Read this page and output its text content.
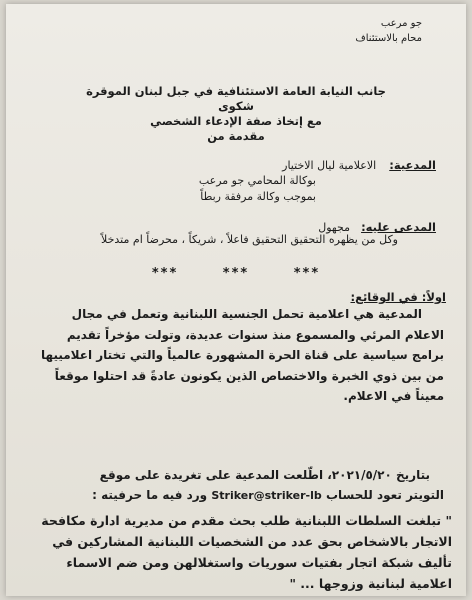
جو مرعب
محام بالاستئناف
جانب النيابة العامة الاستئنافية في جبل لبنان الموقرة
شكوى
مع إتخاذ صفة الإدعاء الشخصي
مقدمة من
المدعية: الاعلامية ليال الاختيار
بوكالة المحامي جو مرعب
بموجب وكالة مرفقة ربطاً
المدعى عليه: مجهول
وكل من يظهره التحقيق التحقيق فاعلاً ، شريكاً ، محرضاً ام متدخلاً
*** *** ***
اولاً: في الوقائع:
المدعية هي اعلامية تحمل الجنسية اللبنانية وتعمل في مجال
الاعلام المرئي والمسموع منذ سنوات عديدة، وتولت مؤخراً تقديم
برامج سياسية على قناة الحرة المشهورة عالمياً والتي تختار اعلامييها
من بين ذوي الخبرة والاختصاص الذين يكونون عادةً قد احتلوا موقعاً
معيناً في الاعلام.
بتاريخ ٢٠٢١/٥/٢٠، اطّلعت المدعية على تغريدة على موقع
التويتر تعود للحساب Striker@striker-lb ورد فيه ما حرفيته :
" تبلغت السلطات اللبنانية طلب بحث مقدم من مديرية ادارة مكافحة
الاتجار بالاشخاص بحق عدد من الشخصيات اللبنانية المشاركين في
تأليف شبكة اتجار بفتيات سوريات واستغلالهن ومن ضم الاسماء
اعلامية لبنانية وزوجها ... "
